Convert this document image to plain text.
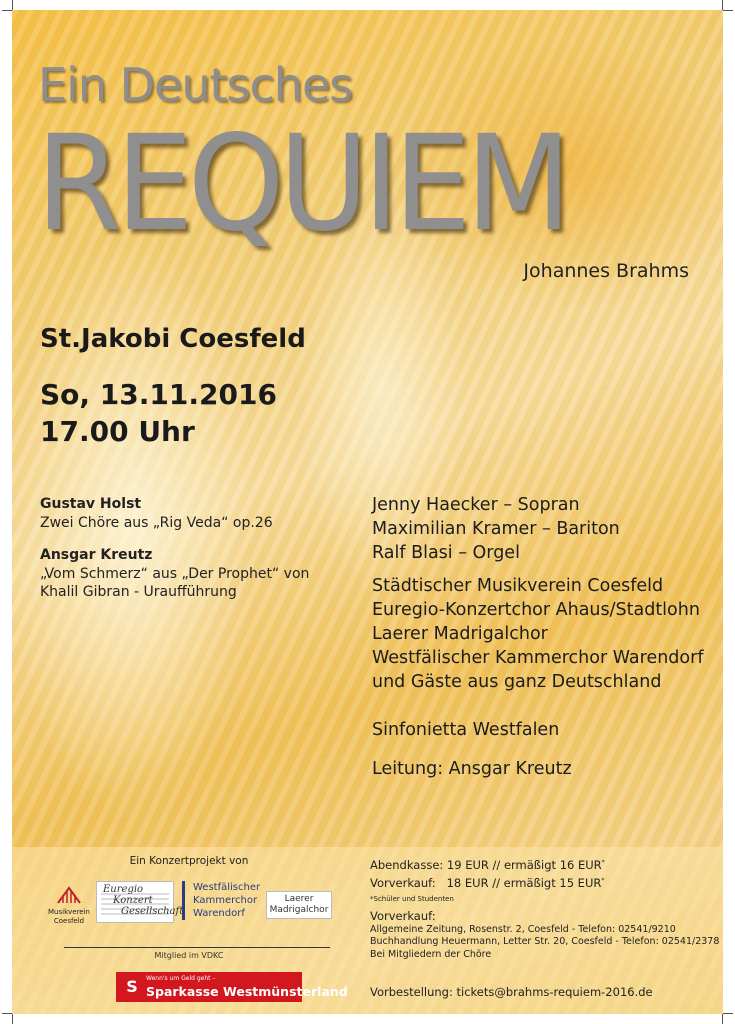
Ein Deutsches
REQUIEM

Johannes Brahms

St.Jakobi Coesfeld

So, 13.11.2016
17.00 Uhr
Gustav Holst
Zwei Chöre aus „Rig Veda“ op.26
Ansgar Kreutz
„Vom Schmerz“ aus „Der Prophet“ von
Khalil Gibran - Uraufführung
Jenny Haecker – Sopran
Maximilian Kramer – Bariton
Ralf Blasi – Orgel
Städtischer Musikverein Coesfeld
Euregio-Konzertchor Ahaus/Stadtlohn
Laerer Madrigalchor
Westfälischer Kammerchor Warendorf
und Gäste aus ganz Deutschland
Sinfonietta Westfalen
Leitung: Ansgar Kreutz
Ein Konzertprojekt von
Musikverein
Coesfeld
Euregio
Konzert
Gesellschaft
Westfälischer
Kammerchor
Warendorf
Laerer
Madrigalchor
Mitglied im VDKC
S	Wenn's um Geld geht –
Sparkasse Westmünsterland
Abendkasse: 19 EUR // ermäßigt 16 EUR*
Vorverkauf:   18 EUR // ermäßigt 15 EUR*
*Schüler und Studenten
Vorverkauf:
Allgemeine Zeitung, Rosenstr. 2, Coesfeld - Telefon: 02541/9210
Buchhandlung Heuermann, Letter Str. 20, Coesfeld - Telefon: 02541/2378
Bei Mitgliedern der Chöre
Vorbestellung: tickets@brahms-requiem-2016.de
